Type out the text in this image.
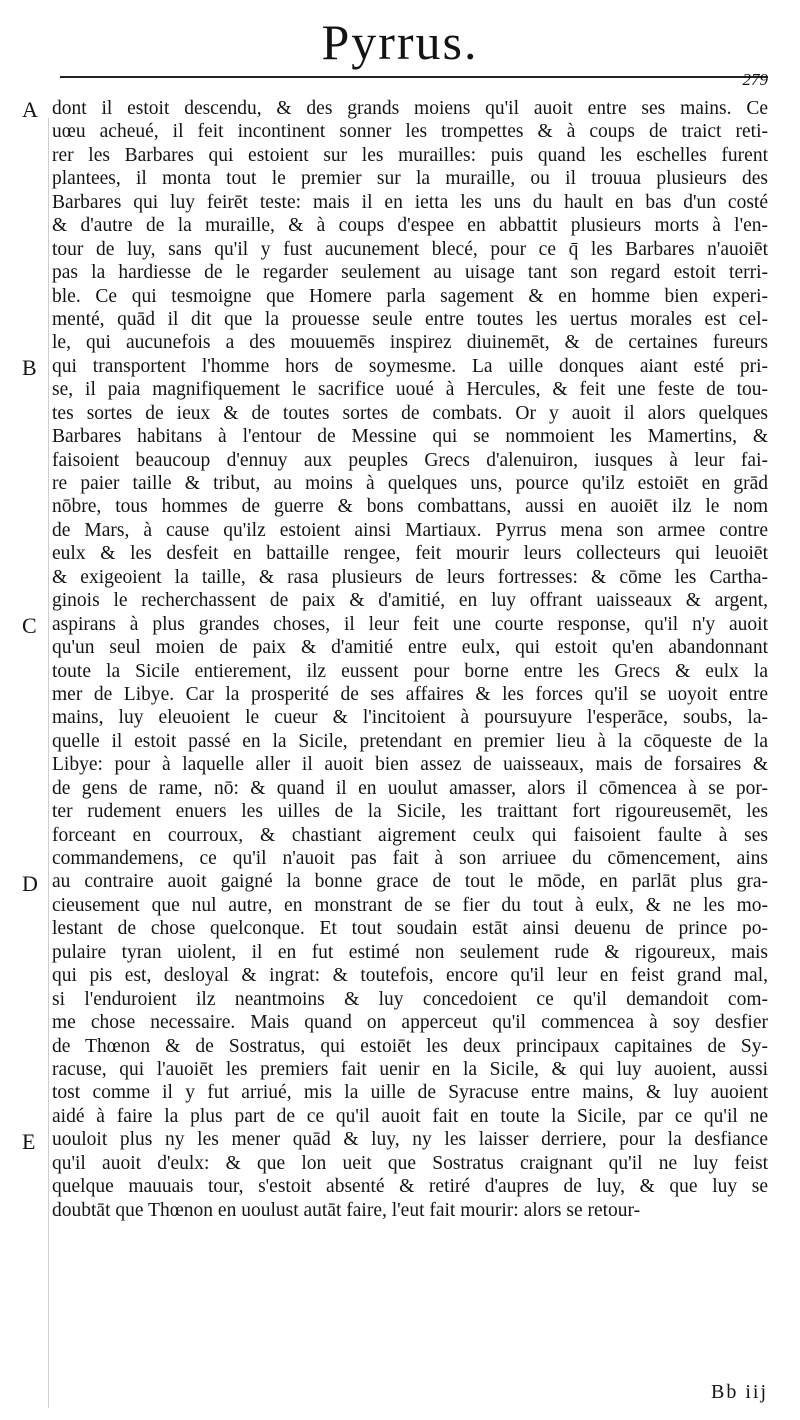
Pyrrus.
279
A
B
C
D
E
dont il estoit descendu, & des grands moiens qu'il auoit entre ses mains. Ce
uœu acheué, il feit incontinent sonner les trompettes & à coups de traict reti-
rer les Barbares qui estoient sur les murailles: puis quand les eschelles furent
plantees, il monta tout le premier sur la muraille, ou il trouua plusieurs des
Barbares qui luy feirēt teste: mais il en ietta les uns du hault en bas d'un costé
& d'autre de la muraille, & à coups d'espee en abbattit plusieurs morts à l'en-
tour de luy, sans qu'il y fust aucunement blecé, pour ce q̄ les Barbares n'auoiēt
pas la hardiesse de le regarder seulement au uisage tant son regard estoit terri-
ble. Ce qui tesmoigne que Homere parla sagement & en homme bien experi-
menté, quād il dit que la prouesse seule entre toutes les uertus morales est cel-
le, qui aucunefois a des mouuemēs inspirez diuinemēt, & de certaines fureurs
qui transportent l'homme hors de soymesme. La uille donques aiant esté pri-
se, il paia magnifiquement le sacrifice uoué à Hercules, & feit une feste de tou-
tes sortes de ieux & de toutes sortes de combats. Or y auoit il alors quelques
Barbares habitans à l'entour de Messine qui se nommoient les Mamertins, &
faisoient beaucoup d'ennuy aux peuples Grecs d'alenuiron, iusques à leur fai-
re paier taille & tribut, au moins à quelques uns, pource qu'ilz estoiēt en grād
nōbre, tous hommes de guerre & bons combattans, aussi en auoiēt ilz le nom
de Mars, à cause qu'ilz estoient ainsi Martiaux. Pyrrus mena son armee contre
eulx & les desfeit en battaille rengee, feit mourir leurs collecteurs qui leuoiēt
& exigeoient la taille, & rasa plusieurs de leurs fortresses: & cōme les Cartha-
ginois le recherchassent de paix & d'amitié, en luy offrant uaisseaux & argent,
aspirans à plus grandes choses, il leur feit une courte response, qu'il n'y auoit
qu'un seul moien de paix & d'amitié entre eulx, qui estoit qu'en abandonnant
toute la Sicile entierement, ilz eussent pour borne entre les Grecs & eulx la
mer de Libye. Car la prosperité de ses affaires & les forces qu'il se uoyoit entre
mains, luy eleuoient le cueur & l'incitoient à poursuyure l'esperāce, soubs, la-
quelle il estoit passé en la Sicile, pretendant en premier lieu à la cōqueste de la
Libye: pour à laquelle aller il auoit bien assez de uaisseaux, mais de forsaires &
de gens de rame, nō: & quand il en uoulut amasser, alors il cōmencea à se por-
ter rudement enuers les uilles de la Sicile, les traittant fort rigoureusemēt, les
forceant en courroux, & chastiant aigrement ceulx qui faisoient faulte à ses
commandemens, ce qu'il n'auoit pas fait à son arriuee du cōmencement, ains
au contraire auoit gaigné la bonne grace de tout le mōde, en parlāt plus gra-
cieusement que nul autre, en monstrant de se fier du tout à eulx, & ne les mo-
lestant de chose quelconque. Et tout soudain estāt ainsi deuenu de prince po-
pulaire tyran uiolent, il en fut estimé non seulement rude & rigoureux, mais
qui pis est, desloyal & ingrat: & toutefois, encore qu'il leur en feist grand mal,
si l'enduroient ilz neantmoins & luy concedoient ce qu'il demandoit com-
me chose necessaire. Mais quand on apperceut qu'il commencea à soy desfier
de Thœnon & de Sostratus, qui estoiēt les deux principaux capitaines de Sy-
racuse, qui l'auoiēt les premiers fait uenir en la Sicile, & qui luy auoient, aussi
tost comme il y fut arriué, mis la uille de Syracuse entre mains, & luy auoient
aidé à faire la plus part de ce qu'il auoit fait en toute la Sicile, par ce qu'il ne
uouloit plus ny les mener quād & luy, ny les laisser derriere, pour la desfiance
qu'il auoit d'eulx: & que lon ueit que Sostratus craignant qu'il ne luy feist
quelque mauuais tour, s'estoit absenté & retiré d'aupres de luy, & que luy se
doubtāt que Thœnon en uoulust autāt faire, l'eut fait mourir: alors se retour-
Bb iij
